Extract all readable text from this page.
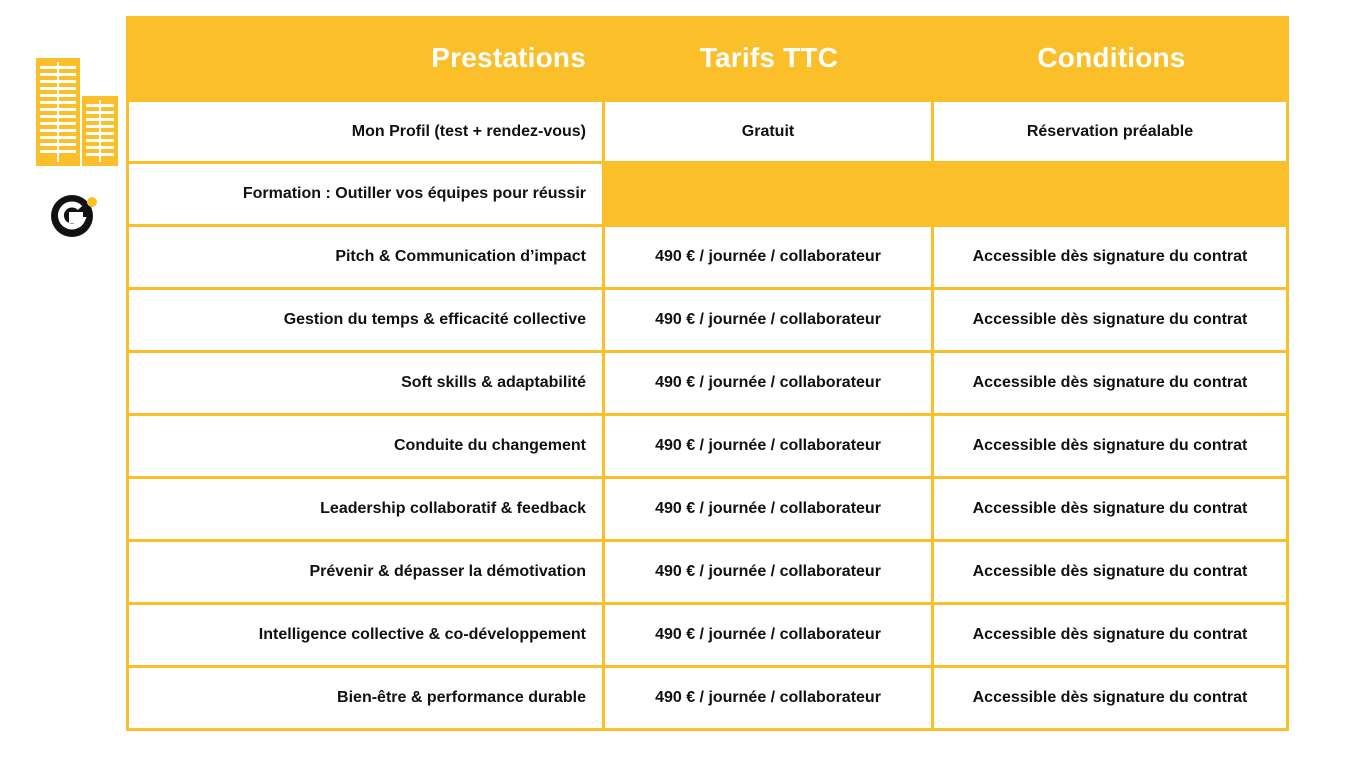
Prestations	Tarifs TTC	Conditions
Mon Profil (test + rendez-vous)	Gratuit	Réservation préalable
Formation : Outiller vos équipes pour réussir
Pitch & Communication d’impact	490 € / journée / collaborateur	Accessible dès signature du contrat
Gestion du temps & efficacité collective	490 € / journée / collaborateur	Accessible dès signature du contrat
Soft skills & adaptabilité	490 € / journée / collaborateur	Accessible dès signature du contrat
Conduite du changement	490 € / journée / collaborateur	Accessible dès signature du contrat
Leadership collaboratif & feedback	490 € / journée / collaborateur	Accessible dès signature du contrat
Prévenir & dépasser la démotivation	490 € / journée / collaborateur	Accessible dès signature du contrat
Intelligence collective & co-développement	490 € / journée / collaborateur	Accessible dès signature du contrat
Bien-être & performance durable	490 € / journée / collaborateur	Accessible dès signature du contrat
